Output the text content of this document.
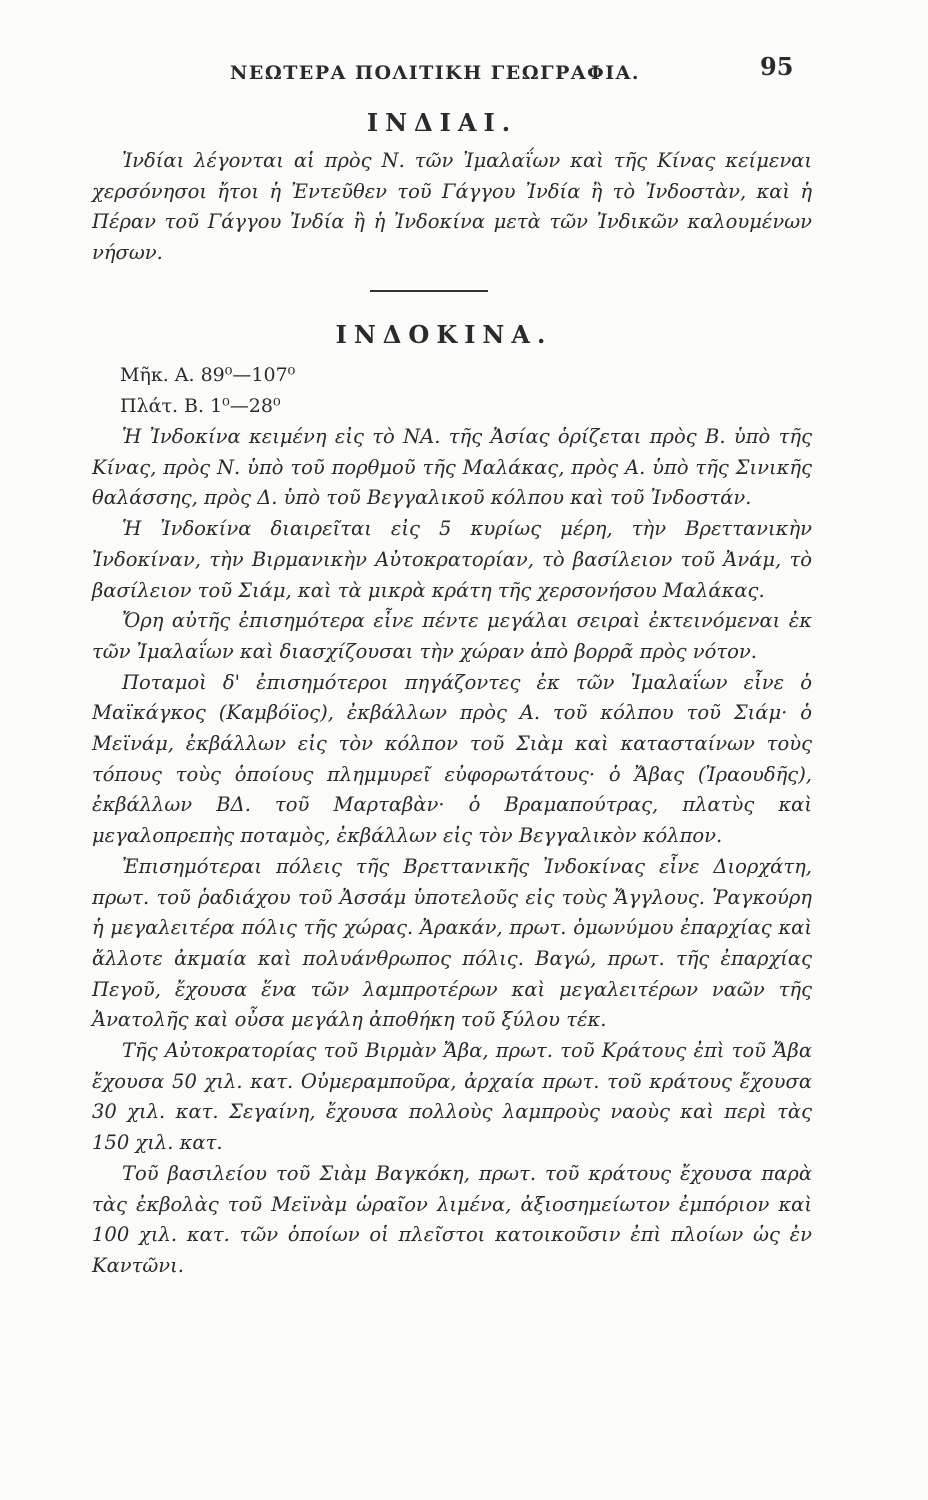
ΝΕΩΤΕΡΑ ΠΟΛΙΤΙΚΗ ΓΕΩΓΡΑΦΙΑ.	95
ΙΝΔΙΑΙ.

Ἰνδίαι λέγονται αἱ πρὸς Ν. τῶν Ἰμαλαΐων καὶ τῆς Κίνας κείμεναι χερσόνησοι ἤτοι ἡ Ἐντεῦθεν τοῦ Γάγγου Ἰνδία ἢ τὸ Ἰνδοστὰν, καὶ ἡ Πέραν τοῦ Γάγγου Ἰνδία ἢ ἡ Ἰνδοκίνα μετὰ τῶν Ἰνδικῶν καλουμένων νήσων.

ΙΝΔΟΚΙΝΑ.
Μῆκ. Α. 89⁰—107⁰
Πλάτ. Β. 1⁰—28⁰

Ἡ Ἰνδοκίνα κειμένη εἰς τὸ ΝΑ. τῆς Ἀσίας ὁρίζεται πρὸς Β. ὑπὸ τῆς Κίνας, πρὸς Ν. ὑπὸ τοῦ πορθμοῦ τῆς Μαλάκας, πρὸς Α. ὑπὸ τῆς Σινικῆς θαλάσσης, πρὸς Δ. ὑπὸ τοῦ Βεγγαλικοῦ κόλπου καὶ τοῦ Ἰνδοστάν.

Ἡ Ἰνδοκίνα διαιρεῖται εἰς 5 κυρίως μέρη, τὴν Βρεττανικὴν Ἰνδοκίναν, τὴν Βιρμανικὴν Αὐτοκρατορίαν, τὸ βασίλειον τοῦ Ἀνάμ, τὸ βασίλειον τοῦ Σιάμ, καὶ τὰ μικρὰ κράτη τῆς χερσονήσου Μαλάκας.

Ὄρη αὐτῆς ἐπισημότερα εἶνε πέντε μεγάλαι σειραὶ ἐκτεινόμεναι ἐκ τῶν Ἰμαλαΐων καὶ διασχίζουσαι τὴν χώραν ἀπὸ βορρᾶ πρὸς νότον.

Ποταμοὶ δ' ἐπισημότεροι πηγάζοντες ἐκ τῶν Ἰμαλαΐων εἶνε ὁ Μαϊκάγκος (Καμβόϊος), ἐκβάλλων πρὸς Α. τοῦ κόλπου τοῦ Σιάμ· ὁ Μεϊνάμ, ἐκβάλλων εἰς τὸν κόλπον τοῦ Σιὰμ καὶ κατασταίνων τοὺς τόπους τοὺς ὁποίους πλημμυρεῖ εὐφορωτάτους· ὁ Ἄβας (Ἰραουδῆς), ἐκβάλλων ΒΔ. τοῦ Μαρταβὰν· ὁ Βραμαπούτρας, πλατὺς καὶ μεγαλοπρεπὴς ποταμὸς, ἐκβάλλων εἰς τὸν Βεγγαλικὸν κόλπον.

Ἐπισημότεραι πόλεις τῆς Βρεττανικῆς Ἰνδοκίνας εἶνε Διορχάτη, πρωτ. τοῦ ῥαδιάχου τοῦ Ἀσσάμ ὑποτελοῦς εἰς τοὺς Ἄγγλους. Ῥαγκούρη ἡ μεγαλειτέρα πόλις τῆς χώρας. Ἀρακάν, πρωτ. ὁμωνύμου ἐπαρχίας καὶ ἄλλοτε ἀκμαία καὶ πολυάνθρωπος πόλις. Βαγώ, πρωτ. τῆς ἐπαρχίας Πεγοῦ, ἔχουσα ἕνα τῶν λαμπροτέρων καὶ μεγαλειτέρων ναῶν τῆς Ἀνατολῆς καὶ οὖσα μεγάλη ἀποθήκη τοῦ ξύλου τέκ.

Τῆς Αὐτοκρατορίας τοῦ Βιρμὰν Ἄβα, πρωτ. τοῦ Κράτους ἐπὶ τοῦ Ἄβα ἔχουσα 50 χιλ. κατ. Οὐμεραμποῦρα, ἀρχαία πρωτ. τοῦ κράτους ἔχουσα 30 χιλ. κατ. Σεγαίνη, ἔχουσα πολλοὺς λαμπροὺς ναοὺς καὶ περὶ τὰς 150 χιλ. κατ.

Τοῦ βασιλείου τοῦ Σιὰμ Βαγκόκη, πρωτ. τοῦ κράτους ἔχουσα παρὰ τὰς ἐκβολὰς τοῦ Μεϊνὰμ ὡραῖον λιμένα, ἀξιοσημείωτον ἐμπόριον καὶ 100 χιλ. κατ. τῶν ὁποίων οἱ πλεῖστοι κατοικοῦσιν ἐπὶ πλοίων ὡς ἐν Καντῶνι.
